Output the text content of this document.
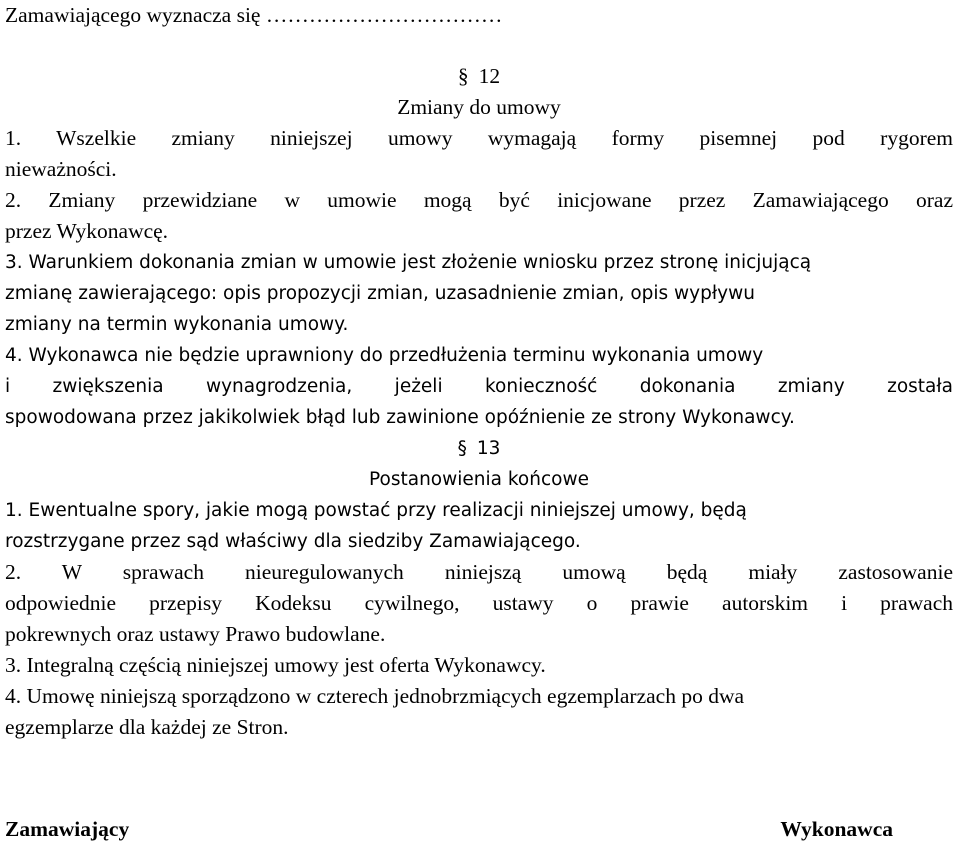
Zamawiającego wyznacza się ……………………………
§ 12
Zmiany do umowy
1. Wszelkie zmiany niniejszej umowy wymagają formy pisemnej pod rygorem
nieważności.
2. Zmiany przewidziane w umowie mogą być inicjowane przez Zamawiającego oraz
przez Wykonawcę.
3. Warunkiem dokonania zmian w umowie jest złożenie wniosku przez stronę inicjującą
zmianę zawierającego: opis propozycji zmian, uzasadnienie zmian, opis wypływu
zmiany na termin wykonania umowy.
4. Wykonawca nie będzie uprawniony do przedłużenia terminu wykonania umowy
i zwiększenia wynagrodzenia, jeżeli konieczność dokonania zmiany została
spowodowana przez jakikolwiek błąd lub zawinione opóźnienie ze strony Wykonawcy.
§ 13
Postanowienia końcowe
1. Ewentualne spory, jakie mogą powstać przy realizacji niniejszej umowy, będą
rozstrzygane przez sąd właściwy dla siedziby Zamawiającego.
2. W sprawach nieuregulowanych niniejszą umową będą miały zastosowanie
odpowiednie przepisy Kodeksu cywilnego, ustawy o prawie autorskim i prawach
pokrewnych oraz ustawy Prawo budowlane.
3. Integralną częścią niniejszej umowy jest oferta Wykonawcy.
4. Umowę niniejszą sporządzono w czterech jednobrzmiących egzemplarzach po dwa
egzemplarze dla każdej ze Stron.
Zamawiający	Wykonawca
